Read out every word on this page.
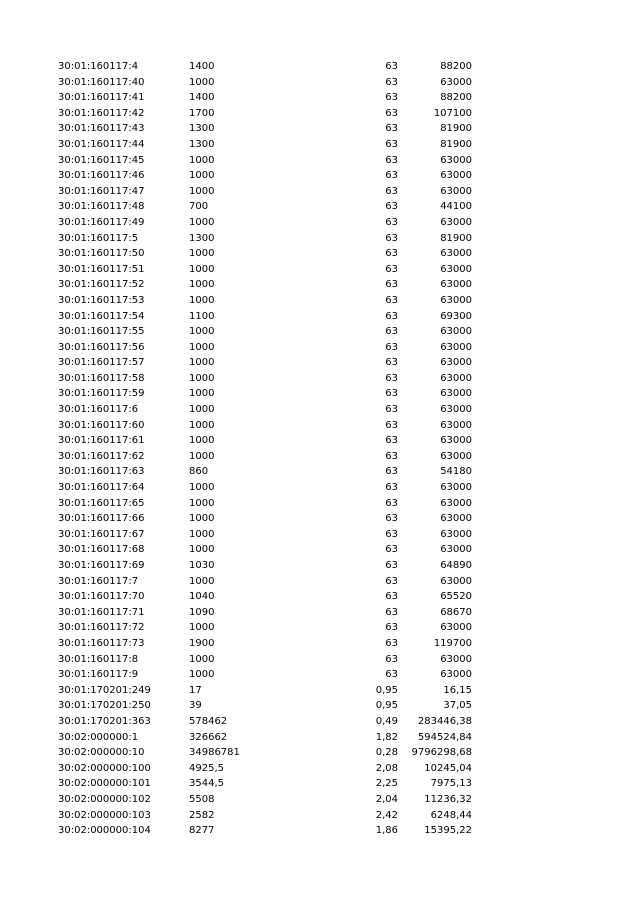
30:01:160117:4	1400	63	88200
30:01:160117:40	1000	63	63000
30:01:160117:41	1400	63	88200
30:01:160117:42	1700	63	107100
30:01:160117:43	1300	63	81900
30:01:160117:44	1300	63	81900
30:01:160117:45	1000	63	63000
30:01:160117:46	1000	63	63000
30:01:160117:47	1000	63	63000
30:01:160117:48	700	63	44100
30:01:160117:49	1000	63	63000
30:01:160117:5	1300	63	81900
30:01:160117:50	1000	63	63000
30:01:160117:51	1000	63	63000
30:01:160117:52	1000	63	63000
30:01:160117:53	1000	63	63000
30:01:160117:54	1100	63	69300
30:01:160117:55	1000	63	63000
30:01:160117:56	1000	63	63000
30:01:160117:57	1000	63	63000
30:01:160117:58	1000	63	63000
30:01:160117:59	1000	63	63000
30:01:160117:6	1000	63	63000
30:01:160117:60	1000	63	63000
30:01:160117:61	1000	63	63000
30:01:160117:62	1000	63	63000
30:01:160117:63	860	63	54180
30:01:160117:64	1000	63	63000
30:01:160117:65	1000	63	63000
30:01:160117:66	1000	63	63000
30:01:160117:67	1000	63	63000
30:01:160117:68	1000	63	63000
30:01:160117:69	1030	63	64890
30:01:160117:7	1000	63	63000
30:01:160117:70	1040	63	65520
30:01:160117:71	1090	63	68670
30:01:160117:72	1000	63	63000
30:01:160117:73	1900	63	119700
30:01:160117:8	1000	63	63000
30:01:160117:9	1000	63	63000
30:01:170201:249	17	0,95	16,15
30:01:170201:250	39	0,95	37,05
30:01:170201:363	578462	0,49	283446,38
30:02:000000:1	326662	1,82	594524,84
30:02:000000:10	34986781	0,28	9796298,68
30:02:000000:100	4925,5	2,08	10245,04
30:02:000000:101	3544,5	2,25	7975,13
30:02:000000:102	5508	2,04	11236,32
30:02:000000:103	2582	2,42	6248,44
30:02:000000:104	8277	1,86	15395,22
